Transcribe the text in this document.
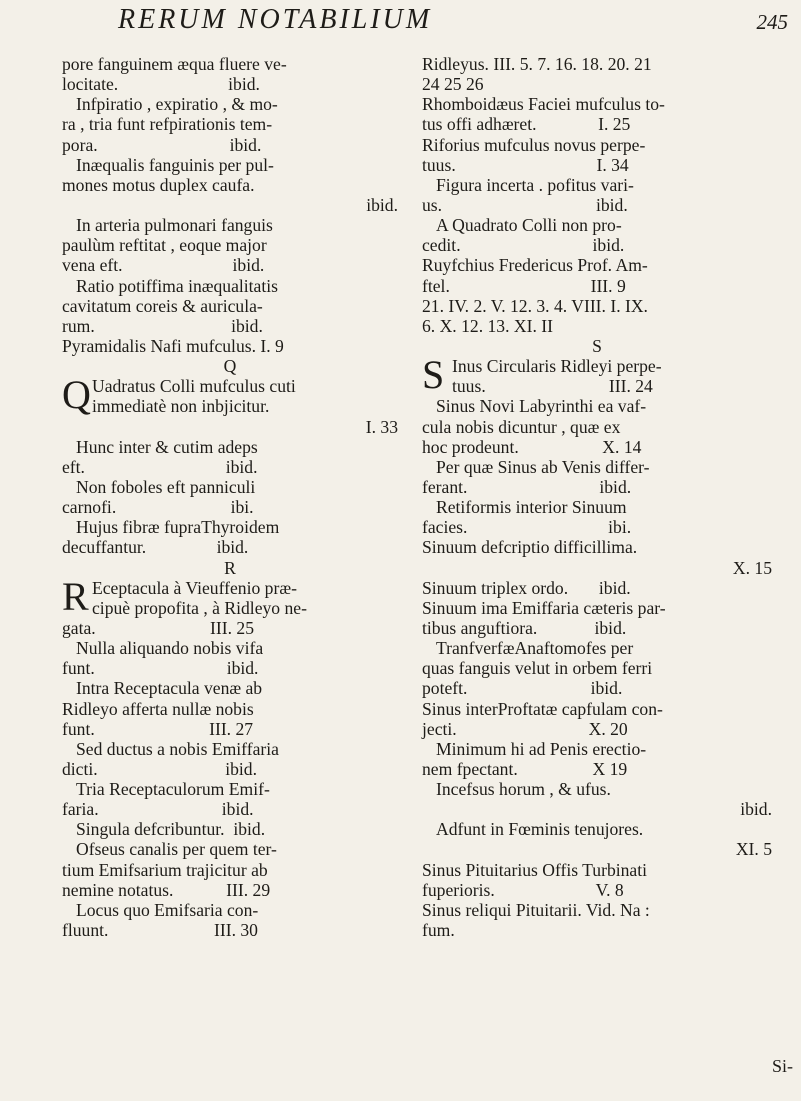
RERUM NOTABILIUM	245
pore fanguinem æqua fluere ve-
locitate.                         ibid.
Infpiratio , expiratio , & mo-
ra , tria funt refpirationis tem-
pora.                              ibid.
Inæqualis fanguinis per pul-
mones motus duplex caufa.
ibid.
In arteria pulmonari fanguis
paulùm reftitat , eoque major
vena eft.                         ibid.
Ratio potiffima inæqualitatis
cavitatum coreis & auricula-
rum.                               ibid.
Pyramidalis Nafi mufculus. I. 9
Q
Q Uadratus Colli mufculus cuti
immediatè non inbjicitur.
I. 33
Hunc inter & cutim adeps
eft.                                ibid.
Non foboles eft panniculi
carnofi.                          ibi.
Hujus fibræ fupraThyroidem
decuffantur.                ibid.
R
R Eceptacula à Vieuffenio præ-
cipuè propofita , à Ridleyo ne-
gata.                          III. 25
Nulla aliquando nobis vifa
funt.                              ibid.
Intra Receptacula venæ ab
Ridleyo afferta nullæ nobis
funt.                          III. 27
Sed ductus a nobis Emiffaria
dicti.                             ibid.
Tria Receptaculorum Emif-
faria.                            ibid.
Singula defcribuntur.  ibid.
Ofseus canalis per quem ter-
tium Emifsarium trajicitur ab
nemine notatus.            III. 29
Locus quo Emifsaria con-
fluunt.                        III. 30
Ridleyus. III. 5. 7. 16. 18. 20. 21
24 25 26
Rhomboidæus Faciei mufculus to-
tus offi adhæret.              I. 25
Riforius mufculus novus perpe-
tuus.                                I. 34
Figura incerta . pofitus vari-
us.                                   ibid.
A Quadrato Colli non pro-
cedit.                              ibid.
Ruyfchius Fredericus Prof. Am-
ftel.                                III. 9
21. IV. 2. V. 12. 3. 4. VIII. I. IX.
6. X. 12. 13. XI. II
S
S Inus Circularis Ridleyi perpe-
tuus.                            III. 24
Sinus Novi Labyrinthi ea vaf-
cula nobis dicuntur , quæ ex
hoc prodeunt.                   X. 14
Per quæ Sinus ab Venis differ-
ferant.                              ibid.
Retiformis interior Sinuum
facies.                                ibi.
Sinuum defcriptio difficillima.
X. 15
Sinuum triplex ordo.       ibid.
Sinuum ima Emiffaria cæteris par-
tibus anguftiora.             ibid.
TranfverfæAnaftomofes per
quas fanguis velut in orbem ferri
poteft.                            ibid.
Sinus interProftatæ capfulam con-
jecti.                              X. 20
Minimum hi ad Penis erectio-
nem fpectant.                 X 19
Incefsus horum , & ufus.
ibid.
Adfunt in Fœminis tenujores.
XI. 5
Sinus Pituitarius Offis Turbinati
fuperioris.                       V. 8
Sinus reliqui Pituitarii. Vid. Na :
fum.
Si-
